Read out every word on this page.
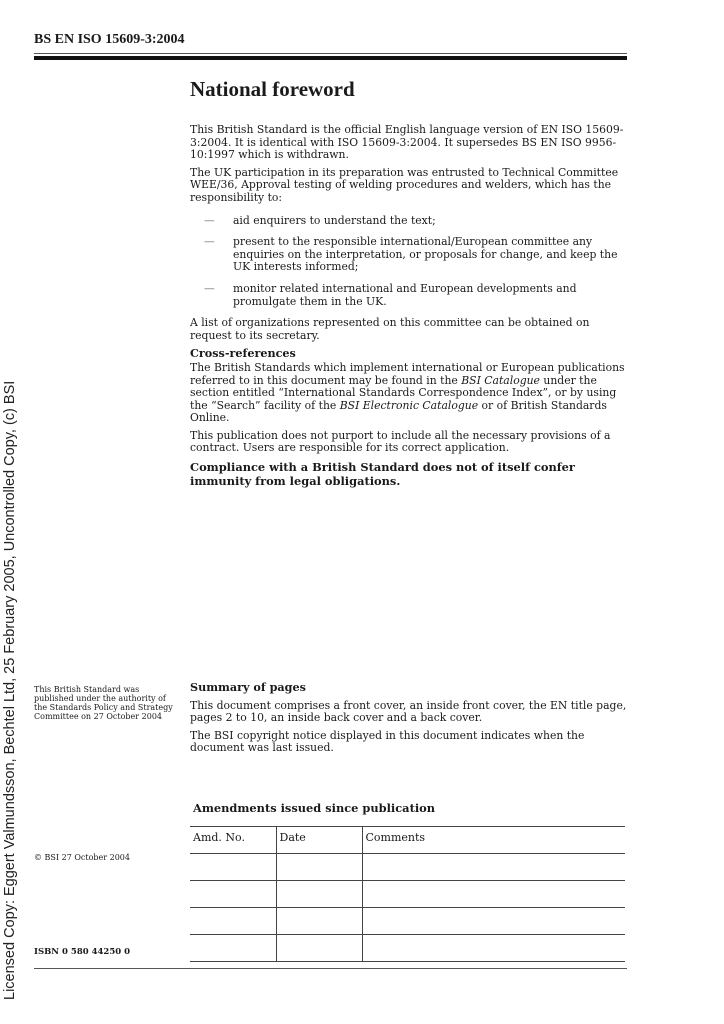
Licensed Copy: Eggert Valmundsson, Bechtel Ltd, 25 February 2005, Uncontrolled Copy, (c) BSI
BS EN ISO 15609-3:2004
National foreword

This British Standard is the official English language version of EN ISO 15609-3:2004. It is identical with ISO 15609-3:2004. It supersedes BS EN ISO 9956-10:1997 which is withdrawn.

The UK participation in its preparation was entrusted to Technical Committee WEE/36, Approval testing of welding procedures and welders, which has the responsibility to:

— aid enquirers to understand the text;
— present to the responsible international/European committee any enquiries on the interpretation, or proposals for change, and keep the UK interests informed;
— monitor related international and European developments and promulgate them in the UK.

A list of organizations represented on this committee can be obtained on request to its secretary.

Cross-references

The British Standards which implement international or European publications referred to in this document may be found in the BSI Catalogue under the section entitled “International Standards Correspondence Index”, or by using the “Search” facility of the BSI Electronic Catalogue or of British Standards Online.

This publication does not purport to include all the necessary provisions of a contract. Users are responsible for its correct application.

Compliance with a British Standard does not of itself confer immunity from legal obligations.

This British Standard was published under the authority of the Standards Policy and Strategy Committee on 27 October 2004
© BSI 27 October 2004
ISBN 0 580 44250 0

Summary of pages

This document comprises a front cover, an inside front cover, the EN title page, pages 2 to 10, an inside back cover and a back cover.

The BSI copyright notice displayed in this document indicates when the document was last issued.

Amendments issued since publication
Amd. No.	Date	Comments
